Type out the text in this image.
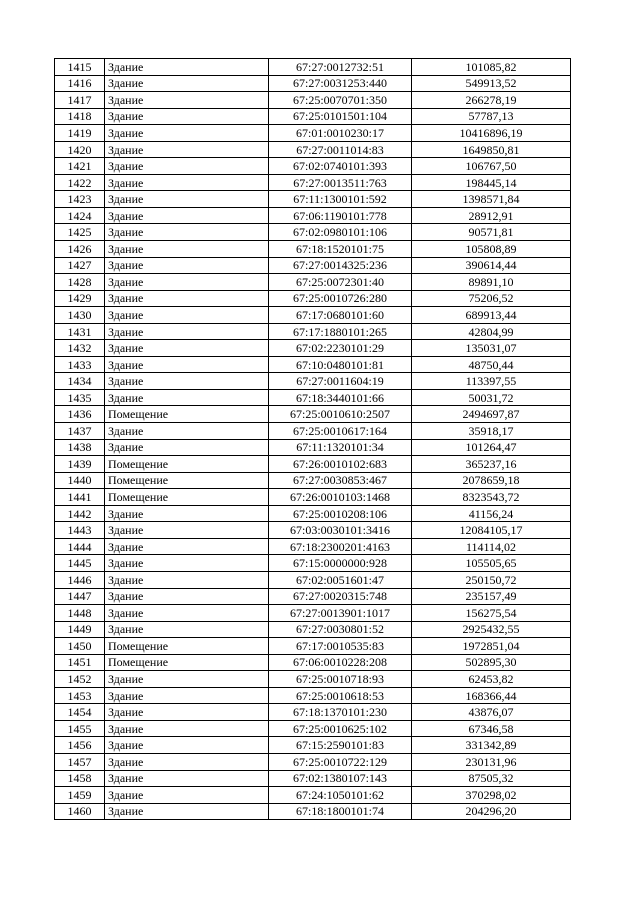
1415	Здание	67:27:0012732:51	101085,82
1416	Здание	67:27:0031253:440	549913,52
1417	Здание	67:25:0070701:350	266278,19
1418	Здание	67:25:0101501:104	57787,13
1419	Здание	67:01:0010230:17	10416896,19
1420	Здание	67:27:0011014:83	1649850,81
1421	Здание	67:02:0740101:393	106767,50
1422	Здание	67:27:0013511:763	198445,14
1423	Здание	67:11:1300101:592	1398571,84
1424	Здание	67:06:1190101:778	28912,91
1425	Здание	67:02:0980101:106	90571,81
1426	Здание	67:18:1520101:75	105808,89
1427	Здание	67:27:0014325:236	390614,44
1428	Здание	67:25:0072301:40	89891,10
1429	Здание	67:25:0010726:280	75206,52
1430	Здание	67:17:0680101:60	689913,44
1431	Здание	67:17:1880101:265	42804,99
1432	Здание	67:02:2230101:29	135031,07
1433	Здание	67:10:0480101:81	48750,44
1434	Здание	67:27:0011604:19	113397,55
1435	Здание	67:18:3440101:66	50031,72
1436	Помещение	67:25:0010610:2507	2494697,87
1437	Здание	67:25:0010617:164	35918,17
1438	Здание	67:11:1320101:34	101264,47
1439	Помещение	67:26:0010102:683	365237,16
1440	Помещение	67:27:0030853:467	2078659,18
1441	Помещение	67:26:0010103:1468	8323543,72
1442	Здание	67:25:0010208:106	41156,24
1443	Здание	67:03:0030101:3416	12084105,17
1444	Здание	67:18:2300201:4163	114114,02
1445	Здание	67:15:0000000:928	105505,65
1446	Здание	67:02:0051601:47	250150,72
1447	Здание	67:27:0020315:748	235157,49
1448	Здание	67:27:0013901:1017	156275,54
1449	Здание	67:27:0030801:52	2925432,55
1450	Помещение	67:17:0010535:83	1972851,04
1451	Помещение	67:06:0010228:208	502895,30
1452	Здание	67:25:0010718:93	62453,82
1453	Здание	67:25:0010618:53	168366,44
1454	Здание	67:18:1370101:230	43876,07
1455	Здание	67:25:0010625:102	67346,58
1456	Здание	67:15:2590101:83	331342,89
1457	Здание	67:25:0010722:129	230131,96
1458	Здание	67:02:1380107:143	87505,32
1459	Здание	67:24:1050101:62	370298,02
1460	Здание	67:18:1800101:74	204296,20
